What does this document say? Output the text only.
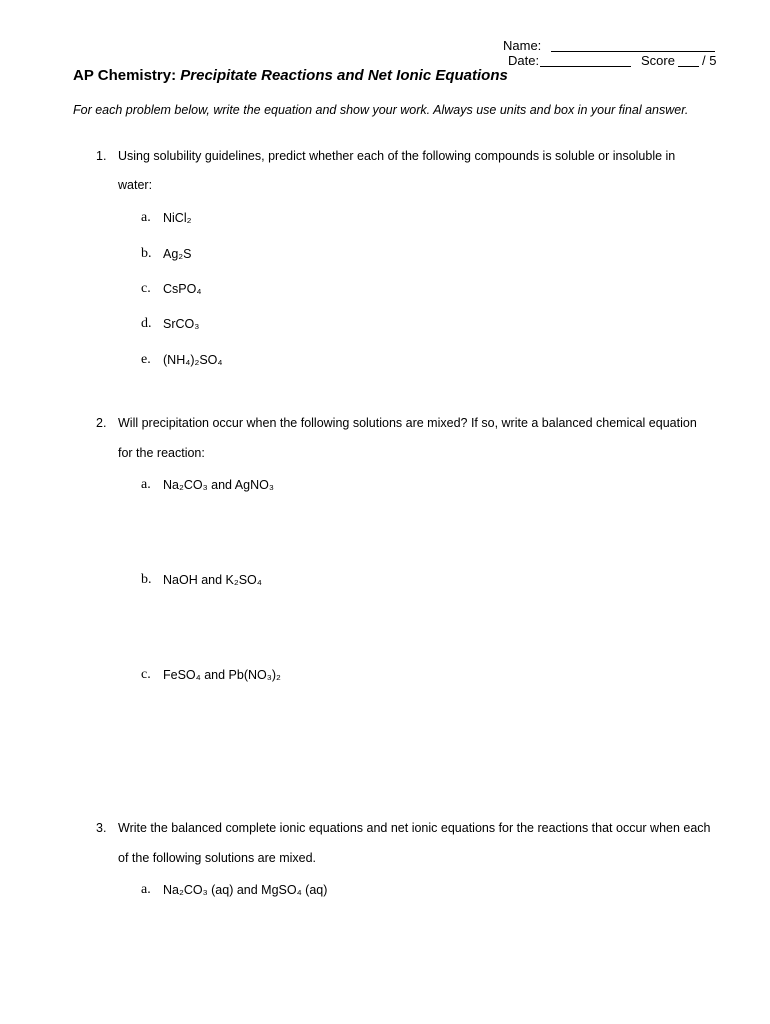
Name:
Date:	Score / 5
AP Chemistry: Precipitate Reactions and Net Ionic Equations
For each problem below, write the equation and show your work. Always use units and box in your final answer.
1. Using solubility guidelines, predict whether each of the following compounds is soluble or insoluble in
water:
a. NiCl₂
b. Ag₂S
c. CsPO₄
d. SrCO₃
e. (NH₄)₂SO₄
2. Will precipitation occur when the following solutions are mixed? If so, write a balanced chemical equation
for the reaction:
a. Na₂CO₃ and AgNO₃
b. NaOH and K₂SO₄
c. FeSO₄ and Pb(NO₃)₂
3. Write the balanced complete ionic equations and net ionic equations for the reactions that occur when each
of the following solutions are mixed.
a. Na₂CO₃ (aq) and MgSO₄ (aq)
